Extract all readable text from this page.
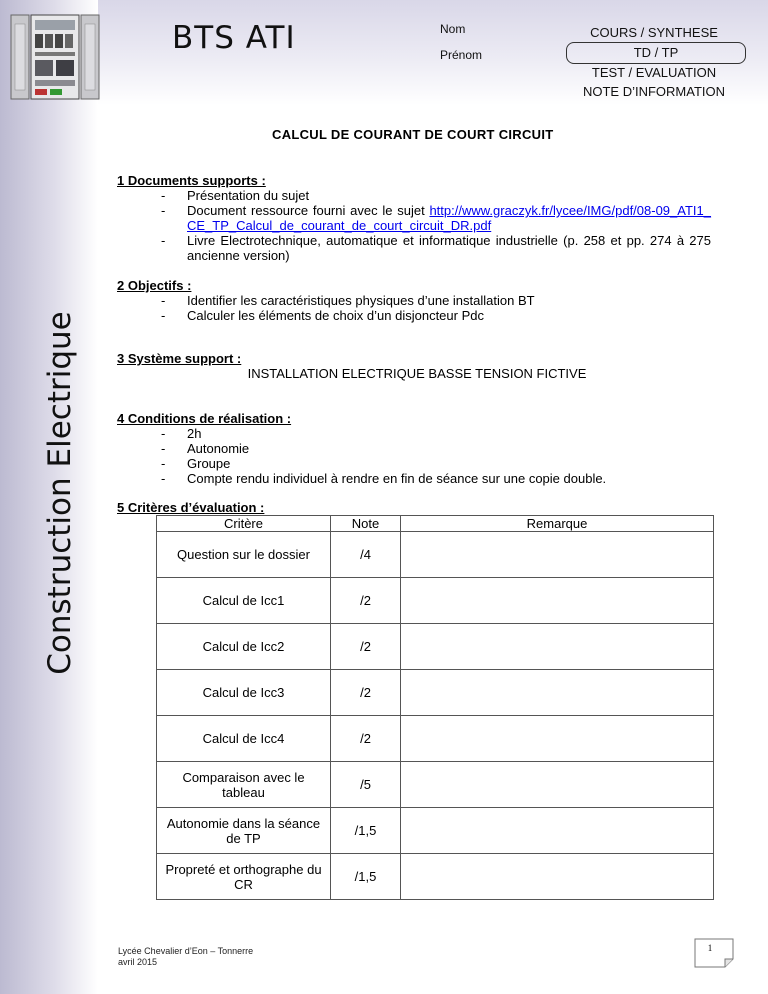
BTS ATI	Nom
Prénom
COURS / SYNTHESE
TD / TP
TEST / EVALUATION
NOTE D’INFORMATION
Construction Electrique
CALCUL DE COURANT DE COURT CIRCUIT
1 Documents supports :
- Présentation du sujet
- Document ressource fourni avec le sujet http://www.graczyk.fr/lycee/IMG/pdf/08-09_ATI1_CE_TP_Calcul_de_courant_de_court_circuit_DR.pdf
- Livre Electrotechnique, automatique et informatique industrielle (p. 258 et pp. 274 à 275 ancienne version)
2 Objectifs :
- Identifier les caractéristiques physiques d’une installation BT
- Calculer les éléments de choix d’un disjoncteur Pdc
3 Système support :
INSTALLATION ELECTRIQUE BASSE TENSION FICTIVE
4 Conditions de réalisation :
- 2h
- Autonomie
- Groupe
- Compte rendu individuel à rendre en fin de séance sur une copie double.
5 Critères d’évaluation :
Critère	Note	Remarque
Question sur le dossier	/4	
Calcul de Icc1	/2	
Calcul de Icc2	/2	
Calcul de Icc3	/2	
Calcul de Icc4	/2	
Comparaison avec le tableau	/5	
Autonomie dans la séance de TP	/1,5	
Propreté et orthographe du CR	/1,5	
Lycée Chevalier d’Eon – Tonnerre
avril 2015
1
